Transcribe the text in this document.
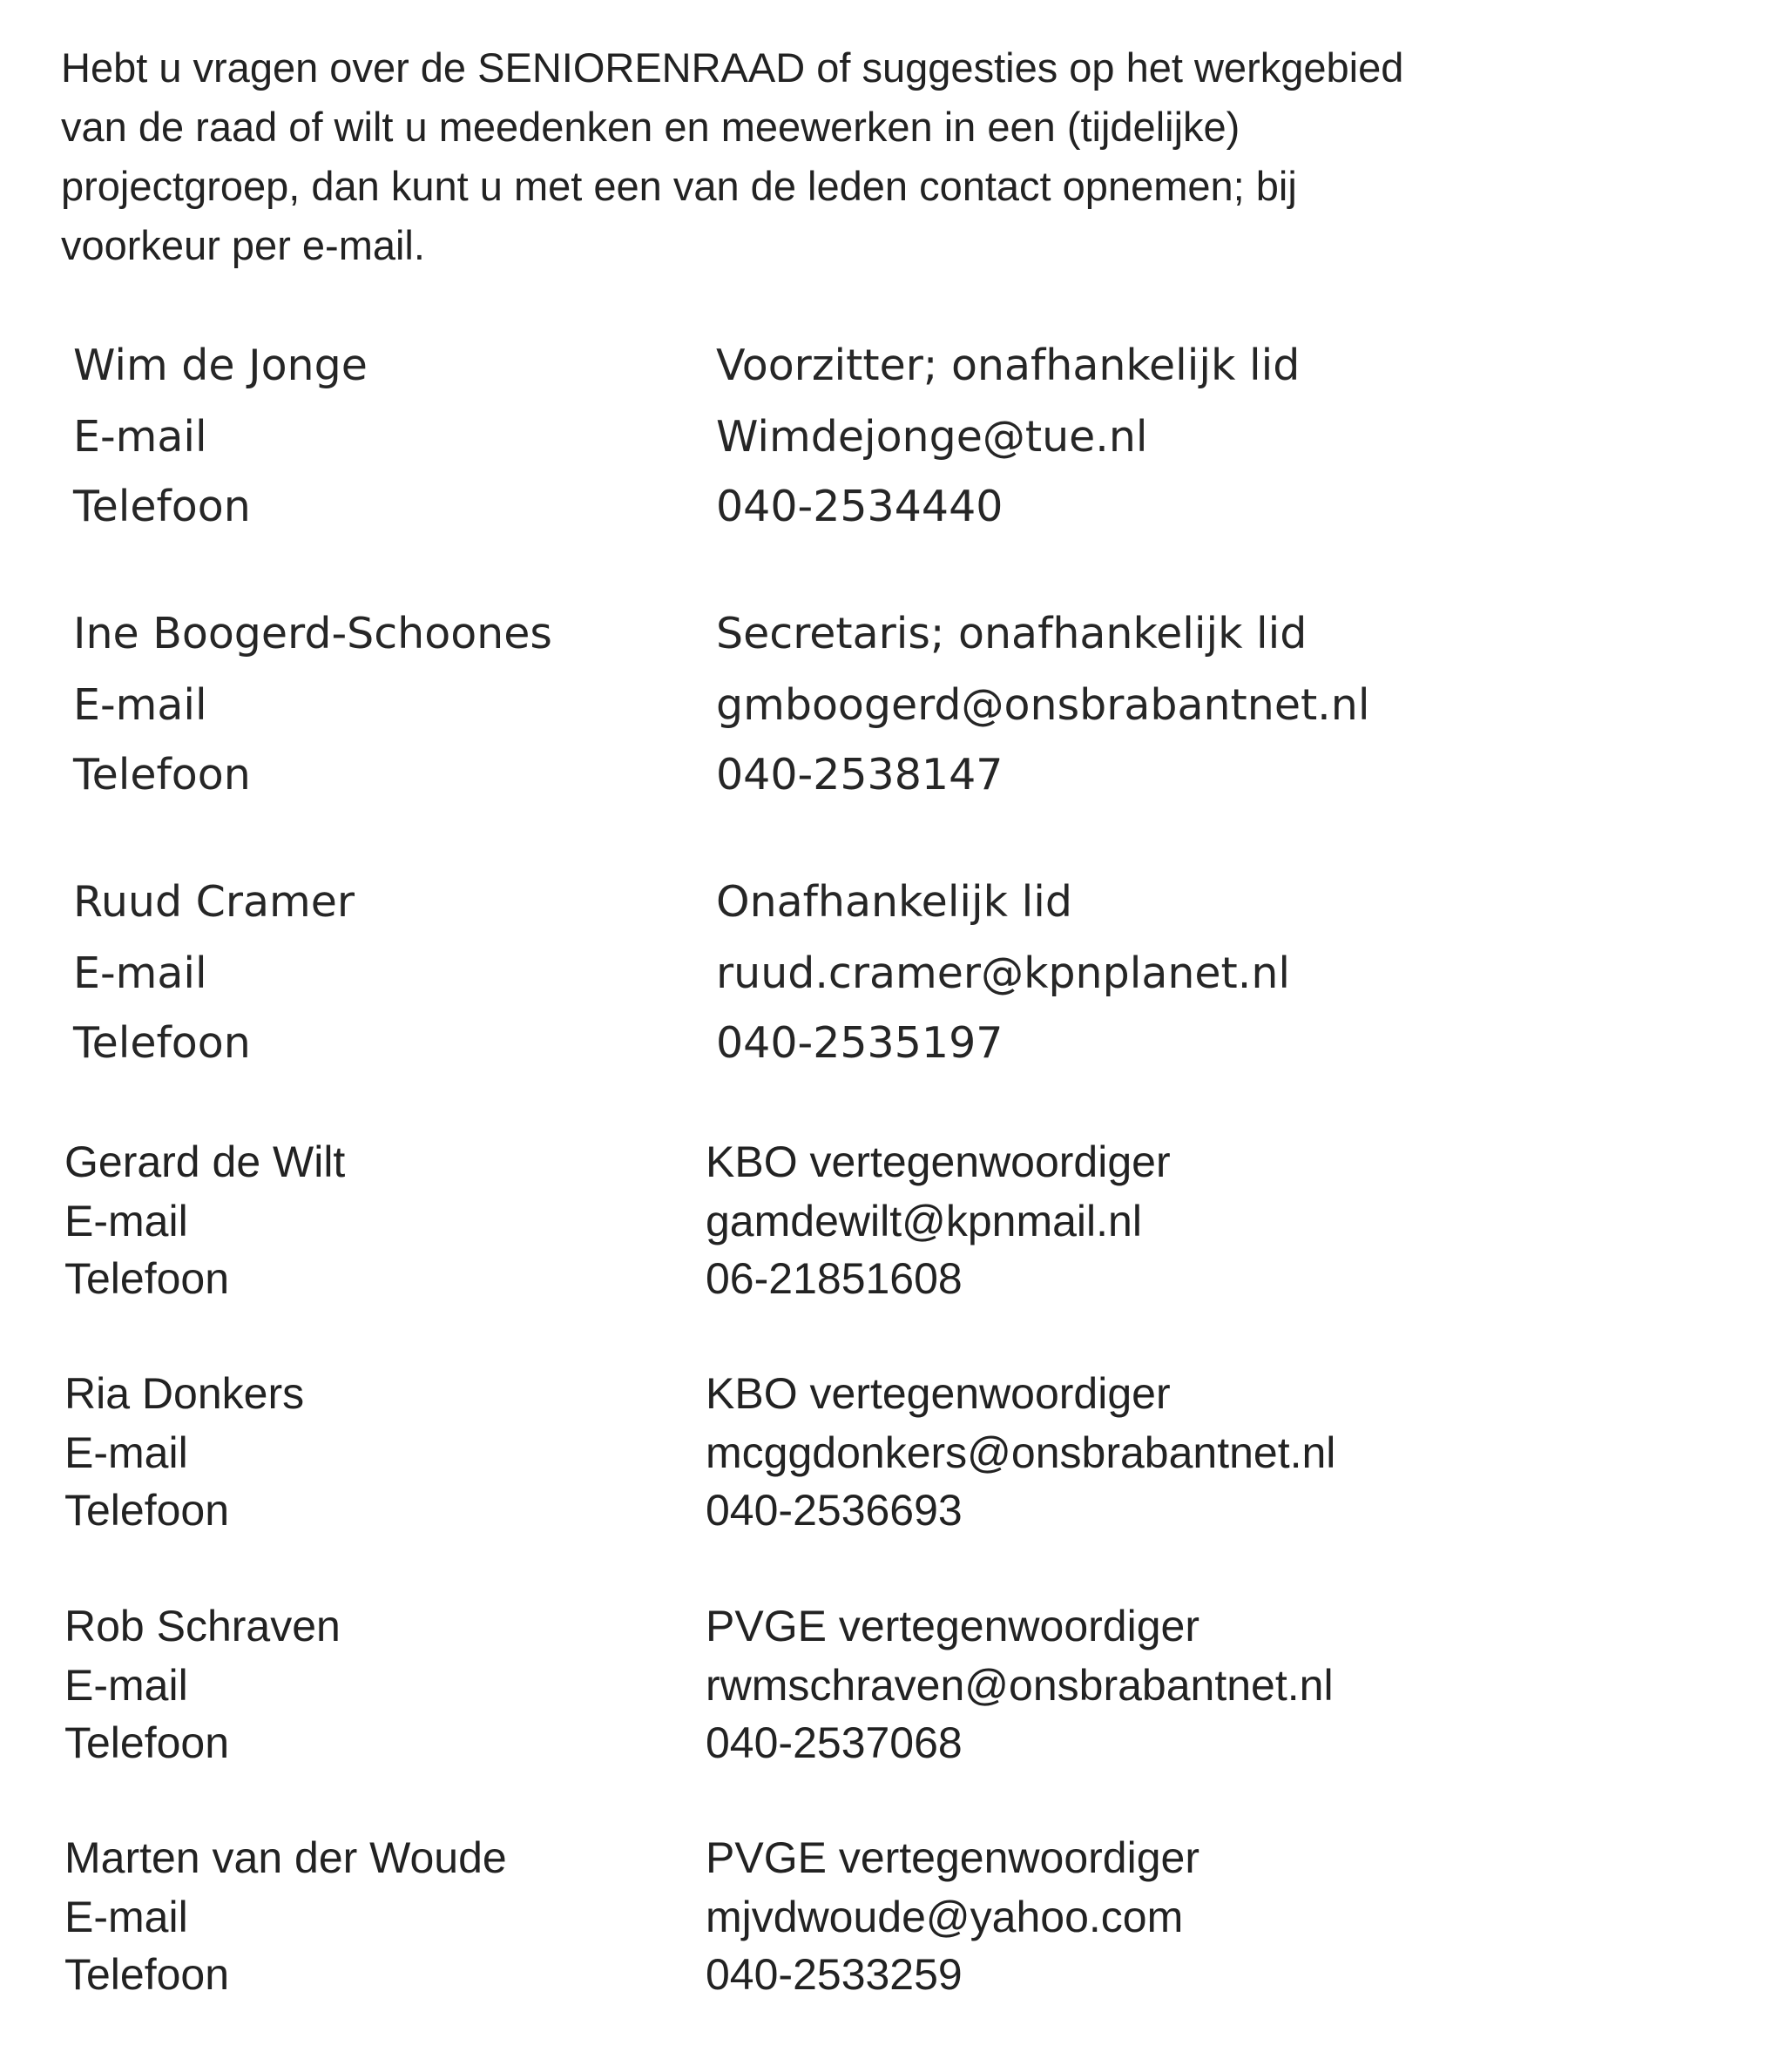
Hebt u vragen over de SENIORENRAAD of suggesties op het werkgebied
van de raad of wilt u meedenken en meewerken in een (tijdelijke)
projectgroep, dan kunt u met een van de leden contact opnemen; bij
voorkeur per e-mail.

Wim de Jonge	Voorzitter; onafhankelijk lid
E-mail	Wimdejonge@tue.nl
Telefoon	040-2534440
Ine Boogerd-Schoones	Secretaris; onafhankelijk lid
E-mail	gmboogerd@onsbrabantnet.nl
Telefoon	040-2538147
Ruud Cramer	Onafhankelijk lid
E-mail	ruud.cramer@kpnplanet.nl
Telefoon	040-2535197
Gerard de Wilt	KBO vertegenwoordiger
E-mail	gamdewilt@kpnmail.nl
Telefoon	06-21851608
Ria Donkers	KBO vertegenwoordiger
E-mail	mcggdonkers@onsbrabantnet.nl
Telefoon	040-2536693
Rob Schraven	PVGE vertegenwoordiger
E-mail	rwmschraven@onsbrabantnet.nl
Telefoon	040-2537068
Marten van der Woude	PVGE vertegenwoordiger
E-mail	mjvdwoude@yahoo.com
Telefoon	040-2533259
